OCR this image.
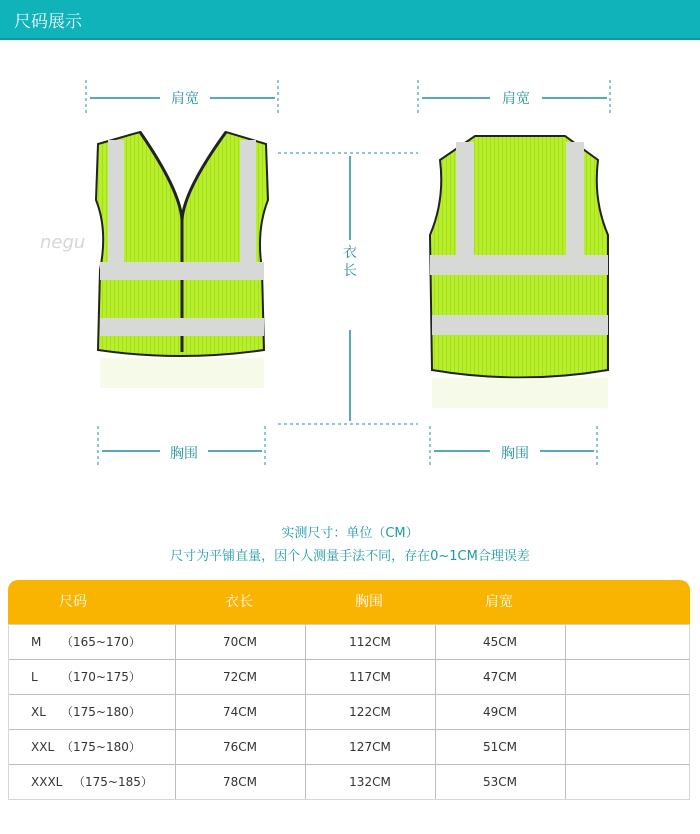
尺码展示
negu
肩宽	肩宽
衣长
胸围	胸围
实测尺寸：单位（CM）
尺寸为平铺直量，因个人测量手法不同，存在0~1CM合理误差
尺码	衣长	胸围	肩宽
M （165~170）	70CM	112CM	45CM
L （170~175）	72CM	117CM	47CM
XL （175~180）	74CM	122CM	49CM
XXL （175~180）	76CM	127CM	51CM
XXXL （175~185）	78CM	132CM	53CM
